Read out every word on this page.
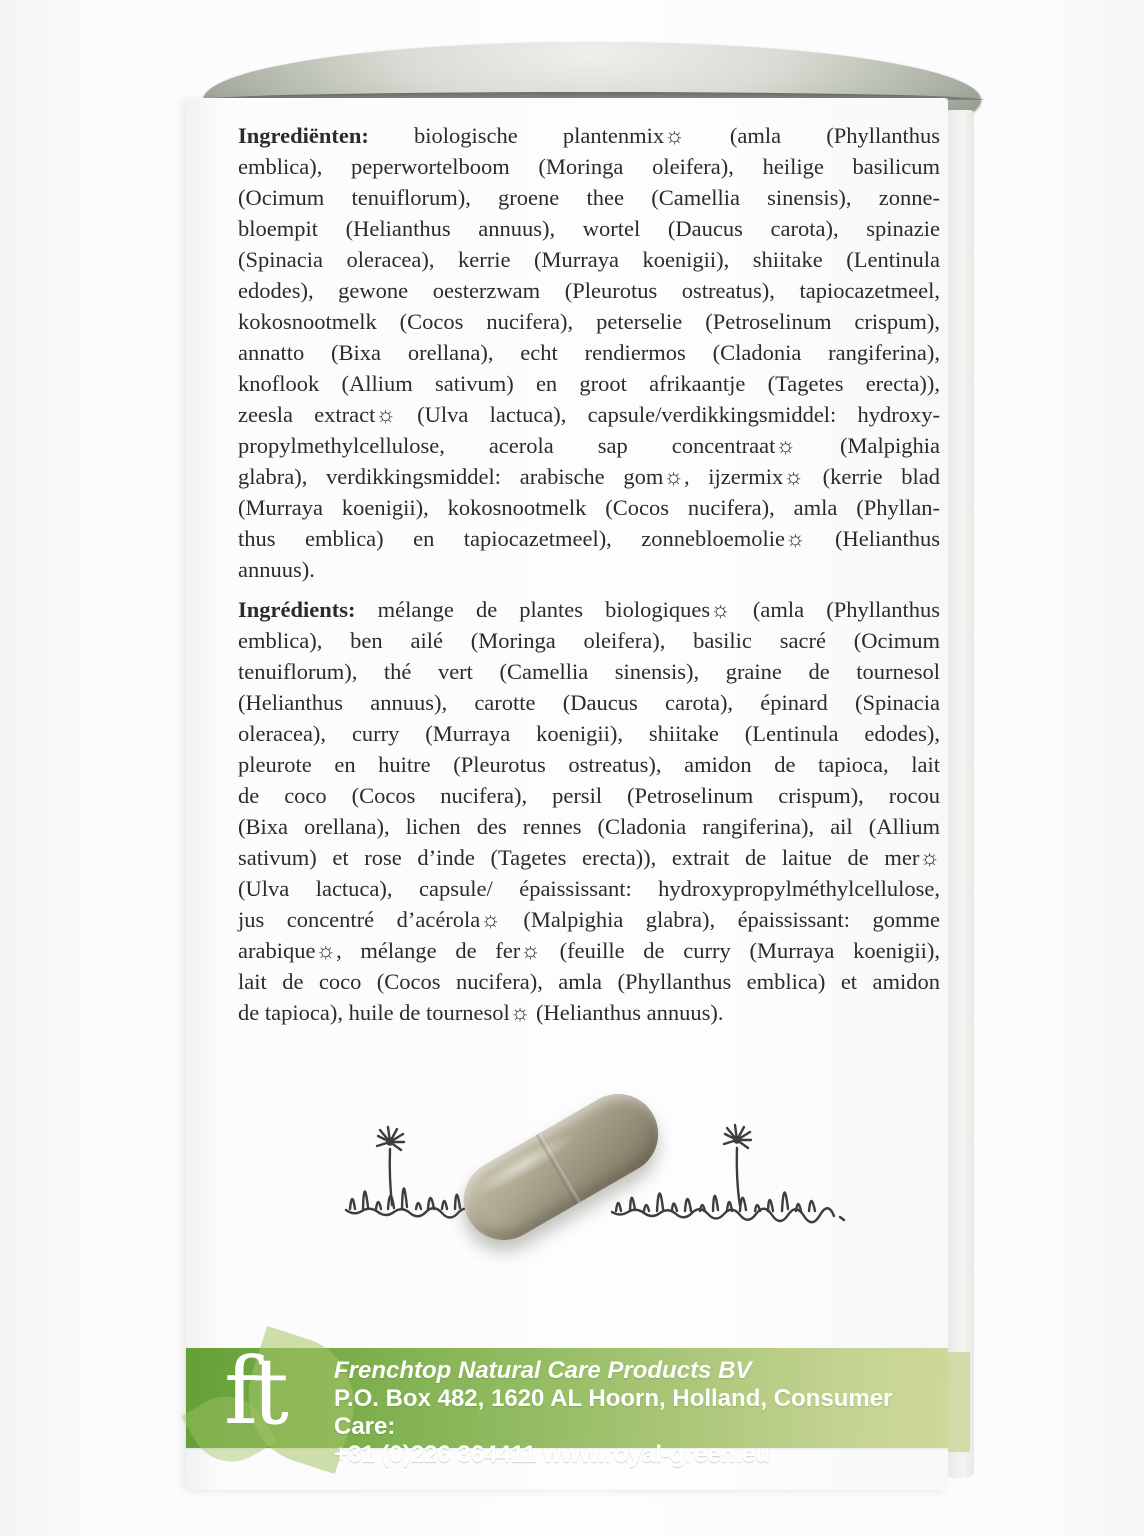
Ingrediënten: biologische plantenmix☼ (amla (Phyllanthus
emblica), peperwortelboom (Moringa oleifera), heilige basilicum
(Ocimum tenuiflorum), groene thee (Camellia sinensis), zonne-
bloempit (Helianthus annuus), wortel (Daucus carota), spinazie
(Spinacia oleracea), kerrie (Murraya koenigii), shiitake (Lentinula
edodes), gewone oesterzwam (Pleurotus ostreatus), tapiocazetmeel,
kokosnootmelk (Cocos nucifera), peterselie (Petroselinum crispum),
annatto (Bixa orellana), echt rendiermos (Cladonia rangiferina),
knoflook (Allium sativum) en groot afrikaantje (Tagetes erecta)),
zeesla extract☼ (Ulva lactuca), capsule/verdikkingsmiddel: hydroxy-
propylmethylcellulose, acerola sap concentraat☼ (Malpighia
glabra), verdikkingsmiddel: arabische gom☼, ijzermix☼ (kerrie blad
(Murraya koenigii), kokosnootmelk (Cocos nucifera), amla (Phyllan-
thus emblica) en tapiocazetmeel), zonnebloemolie☼ (Helianthus
annuus).
Ingrédients: mélange de plantes biologiques☼ (amla (Phyllanthus
emblica), ben ailé (Moringa oleifera), basilic sacré (Ocimum
tenuiflorum), thé vert (Camellia sinensis), graine de tournesol
(Helianthus annuus), carotte (Daucus carota), épinard (Spinacia
oleracea), curry (Murraya koenigii), shiitake (Lentinula edodes),
pleurote en huitre (Pleurotus ostreatus), amidon de tapioca, lait
de coco (Cocos nucifera), persil (Petroselinum crispum), rocou
(Bixa orellana), lichen des rennes (Cladonia rangiferina), ail (Allium
sativum) et rose d’inde (Tagetes erecta)), extrait de laitue de mer☼
(Ulva lactuca), capsule/ épaississant: hydroxypropylméthylcellulose,
jus concentré d’acérola☼ (Malpighia glabra), épaississant: gomme
arabique☼, mélange de fer☼ (feuille de curry (Murraya koenigii),
lait de coco (Cocos nucifera), amla (Phyllanthus emblica) et amidon
de tapioca), huile de tournesol☼ (Helianthus annuus).
ft Frenchtop Natural Care Products BV
P.O. Box 482, 1620 AL Hoorn, Holland, Consumer Care:
+31 (0)226 364411 www.royal-green.eu
